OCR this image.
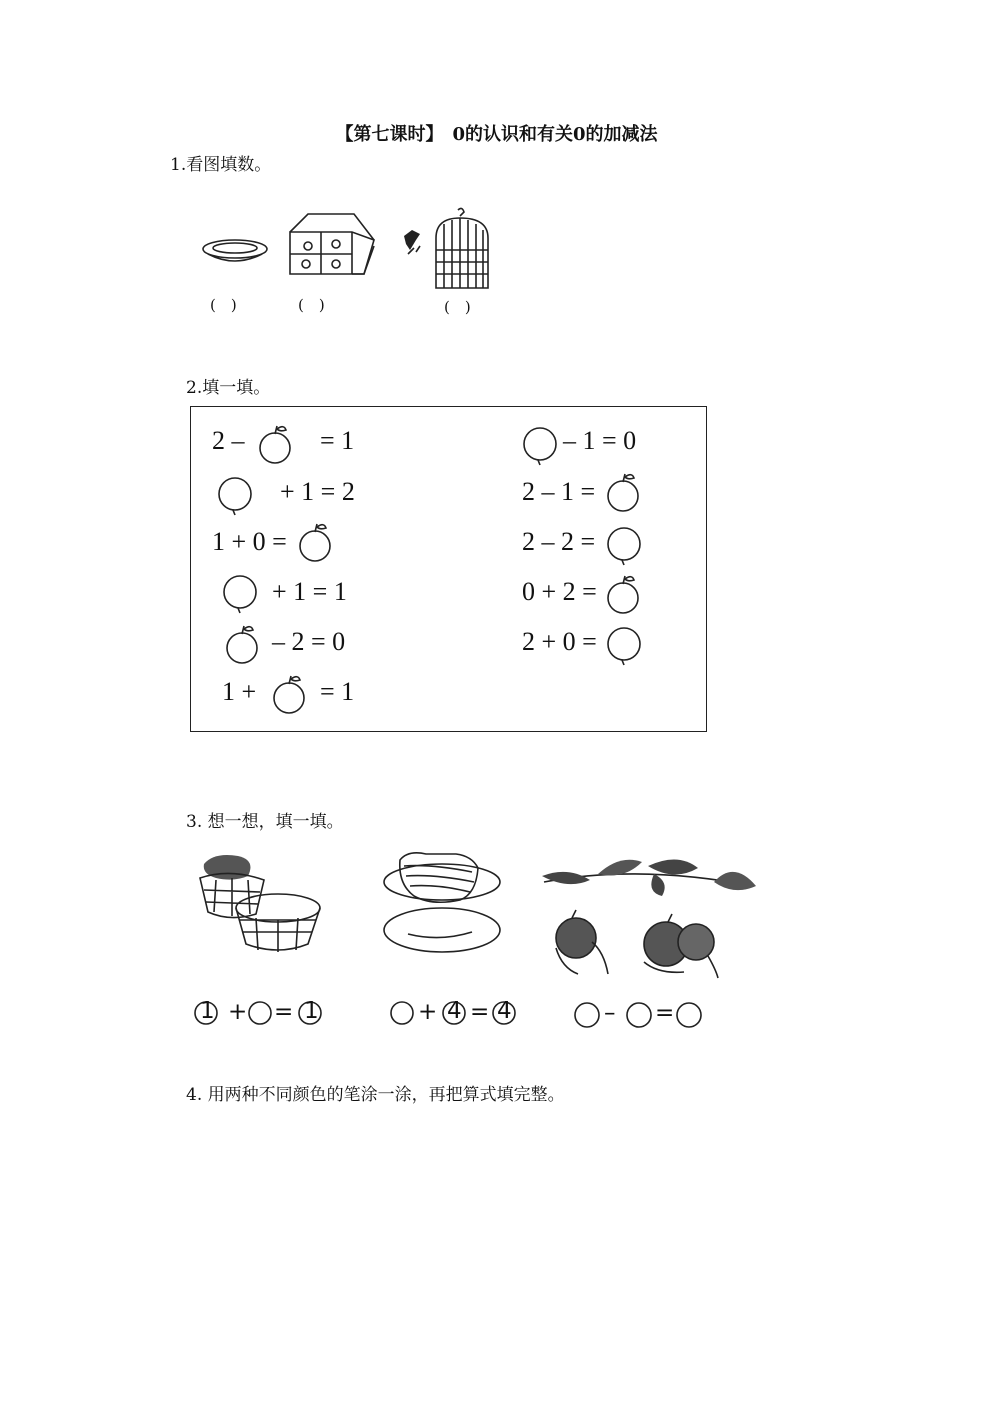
【第七课时】　0的认识和有关0的加减法
1.看图填数。
(　)	(　)	(　)
2.填一填。
2 –	= 1
+ 1 = 2
1 + 0 =
+ 1 = 1
– 2 = 0
1 + = 1
– 1 = 0
2 – 1 =
2 – 2 =
0 + 2 =
2 + 0 =
3. 想一想，填一填。
1 + = 1	+ 4 = 4	– =
4. 用两种不同颜色的笔涂一涂，再把算式填完整。
